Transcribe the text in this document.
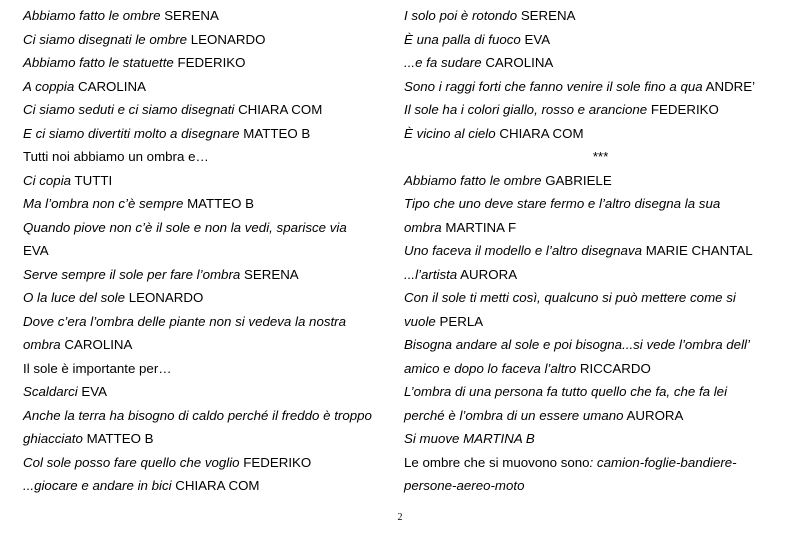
Abbiamo fatto le ombre SERENA
Ci siamo disegnati le ombre LEONARDO
Abbiamo fatto le statuette FEDERIKO
A coppia CAROLINA
Ci siamo seduti e ci siamo disegnati CHIARA COM
E ci siamo divertiti molto a disegnare MATTEO B
Tutti noi abbiamo un ombra e…
Ci copia TUTTI
Ma l’ombra non c’è sempre MATTEO B
Quando piove non c’è il sole e non la vedi, sparisce via
EVA
Serve sempre il sole per fare l’ombra SERENA
O la luce del sole LEONARDO
Dove c’era l’ombra delle piante non si vedeva la nostra
ombra CAROLINA
Il sole è importante per…
Scaldarci EVA
Anche la terra ha bisogno di caldo perché il freddo è troppo
ghiacciato MATTEO B
Col sole posso fare quello che voglio FEDERIKO
...giocare e andare in bici CHIARA COM
I solo poi è rotondo SERENA
È una palla di fuoco EVA
...e fa sudare CAROLINA
Sono i raggi forti che fanno venire il sole fino a qua ANDRE’
Il sole ha i colori giallo, rosso e arancione FEDERIKO
È vicino al cielo CHIARA COM
***
Abbiamo fatto le ombre GABRIELE
Tipo che uno deve stare fermo e l’altro disegna la sua
ombra MARTINA F
Uno faceva il modello e l’altro disegnava MARIE CHANTAL
...l’artista AURORA
Con il sole ti metti così, qualcuno si può mettere come si
vuole PERLA
Bisogna andare al sole e poi bisogna...si vede l’ombra dell’
amico e dopo lo faceva l’altro RICCARDO
L’ombra di una persona fa tutto quello che fa, che fa lei
perché è l’ombra di un essere umano AURORA
Si muove MARTINA B
Le ombre che si muovono sono: camion-foglie-bandiere-
persone-aereo-moto
2
